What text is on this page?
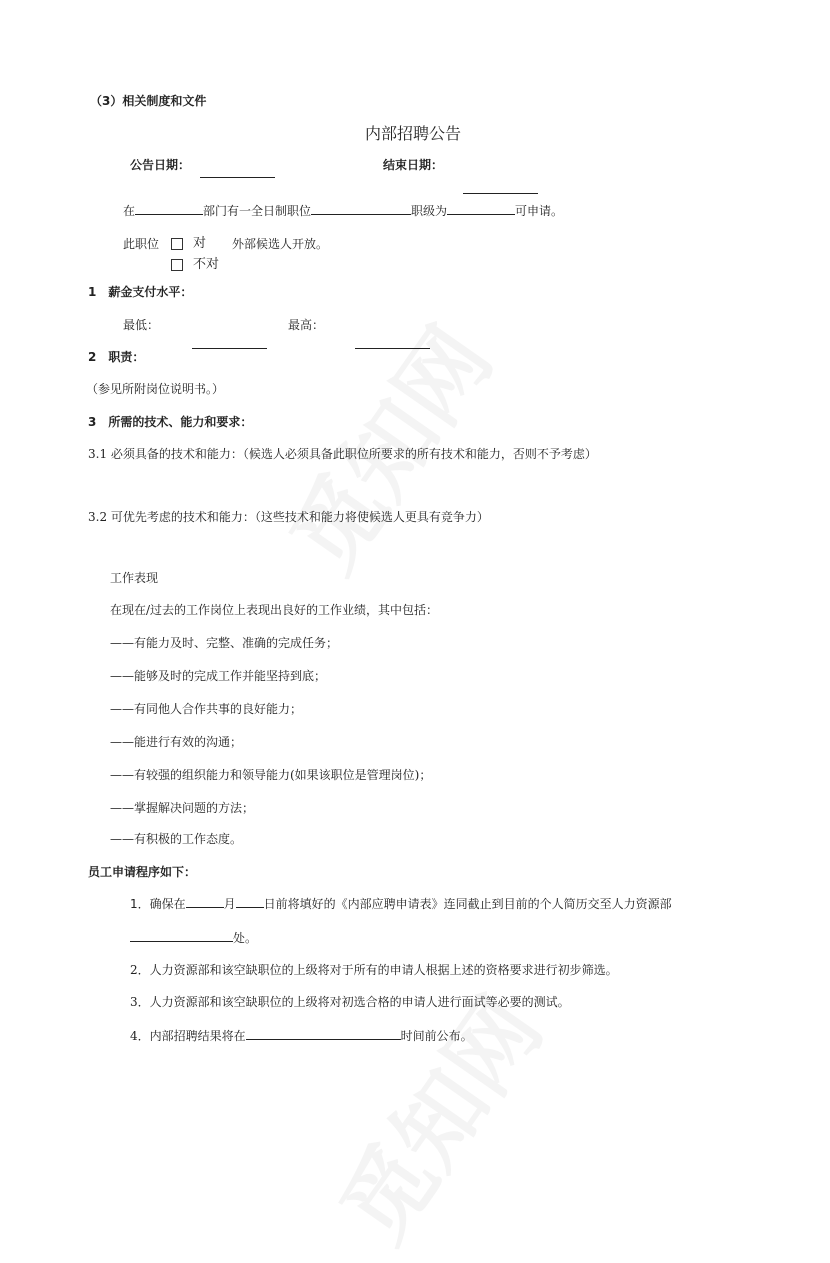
（3）相关制度和文件
内部招聘公告
公告日期：	结束日期：
在	部门有一全日制职位	职级为	可申请。
此职位	对 外部候选人开放。
不对
1　薪金支付水平：
最低：	最高：
2　职责：
（参见所附岗位说明书。）
3　所需的技术、能力和要求：
3.1 必须具备的技术和能力：（候选人必须具备此职位所要求的所有技术和能力，否则不予考虑）
3.2 可优先考虑的技术和能力：（这些技术和能力将使候选人更具有竞争力）
工作表现
在现在/过去的工作岗位上表现出良好的工作业绩，其中包括：
——有能力及时、完整、准确的完成任务；
——能够及时的完成工作并能坚持到底；
——有同他人合作共事的良好能力；
——能进行有效的沟通；
——有较强的组织能力和领导能力(如果该职位是管理岗位)；
——掌握解决问题的方法；
——有积极的工作态度。
员工申请程序如下：
1．确保在	月 日前将填好的《内部应聘申请表》连同截止到目前的个人简历交至人力资源部
处。
2．人力资源部和该空缺职位的上级将对于所有的申请人根据上述的资格要求进行初步筛选。
3．人力资源部和该空缺职位的上级将对初选合格的申请人进行面试等必要的测试。
4．内部招聘结果将在	时间前公布。
